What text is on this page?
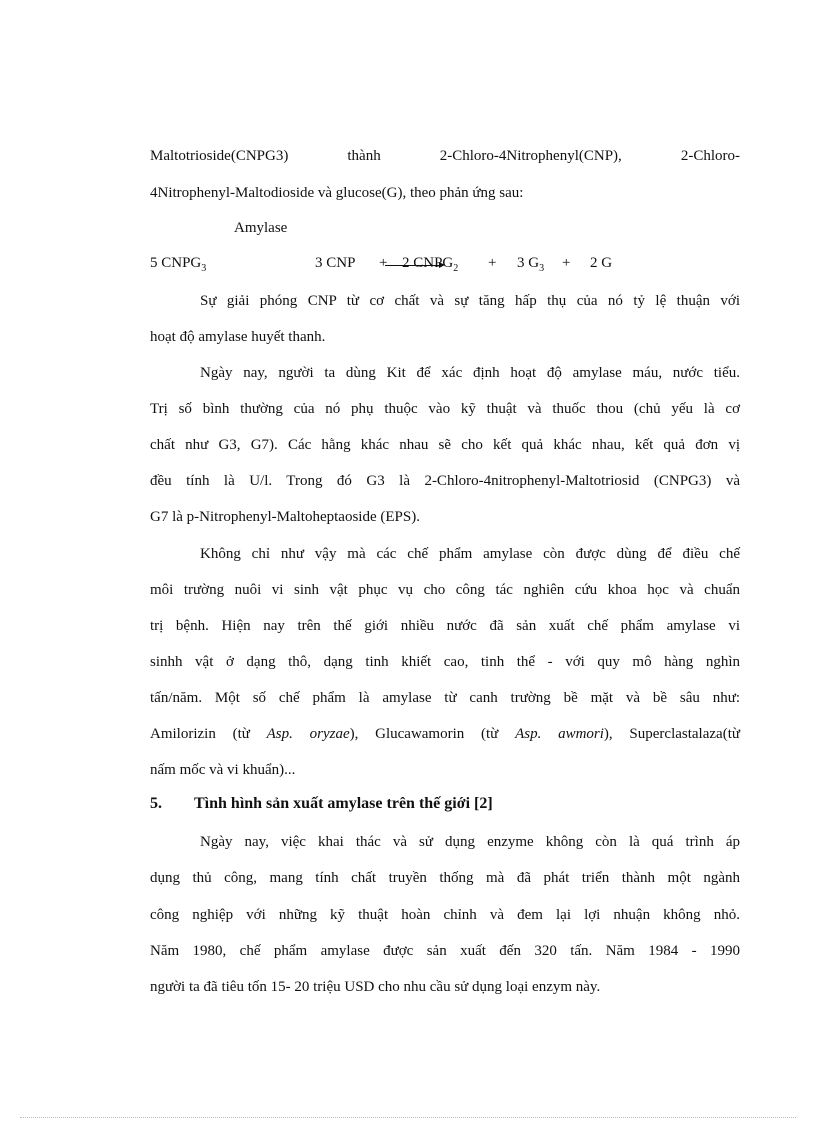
Maltotrioside(CNPG3) thành 2-Chloro-4Nitrophenyl(CNP), 2-Chloro-
4Nitrophenyl-Maltodioside và glucose(G), theo phản ứng sau:
Amylase
5 $CNPG_3$	3 CNP + 2 $CNPG_2 + 3$ $G_3 + 2$ G
Sự giải phóng CNP từ cơ chất và sự tăng hấp thụ của nó tỷ lệ thuận với
hoạt độ amylase huyết thanh.
Ngày nay, người ta dùng Kit để xác định hoạt độ amylase máu, nước tiểu.
Trị số bình thường của nó phụ thuộc vào kỹ thuật và thuốc thou (chủ yếu là cơ
chất như G3, G7). Các hằng khác nhau sẽ cho kết quả khác nhau, kết quả đơn vị
đều tính là U/l. Trong đó G3 là 2-Chloro-4nitrophenyl-Maltotriosid (CNPG3) và
G7 là p-Nitrophenyl-Maltoheptaoside (EPS).
Không chỉ như vậy mà các chế phẩm amylase còn được dùng để điều chế
môi trường nuôi vi sinh vật phục vụ cho công tác nghiên cứu khoa học và chuẩn
trị bệnh. Hiện nay trên thế giới nhiều nước đã sản xuất chế phẩm amylase vi
sinhh vật ở dạng thô, dạng tinh khiết cao, tinh thể - với quy mô hàng nghìn
tấn/năm. Một số chế phẩm là amylase từ canh trường bề mặt và bề sâu như:
Amilorizin (từ Asp. oryzae), Glucawamorin (từ Asp. awmori), Superclastalaza(từ
nấm mốc và vi khuẩn)...
5. Tình hình sản xuất amylase trên thế giới [2]
Ngày nay, việc khai thác và sử dụng enzyme không còn là quá trình áp
dụng thủ công, mang tính chất truyền thống mà đã phát triển thành một ngành
công nghiệp với những kỹ thuật hoàn chỉnh và đem lại lợi nhuận không nhỏ.
Năm 1980, chế phẩm amylase được sản xuất đến 320 tấn. Năm 1984 - 1990
người ta đã tiêu tốn 15- 20 triệu USD cho nhu cầu sử dụng loại enzym này.
